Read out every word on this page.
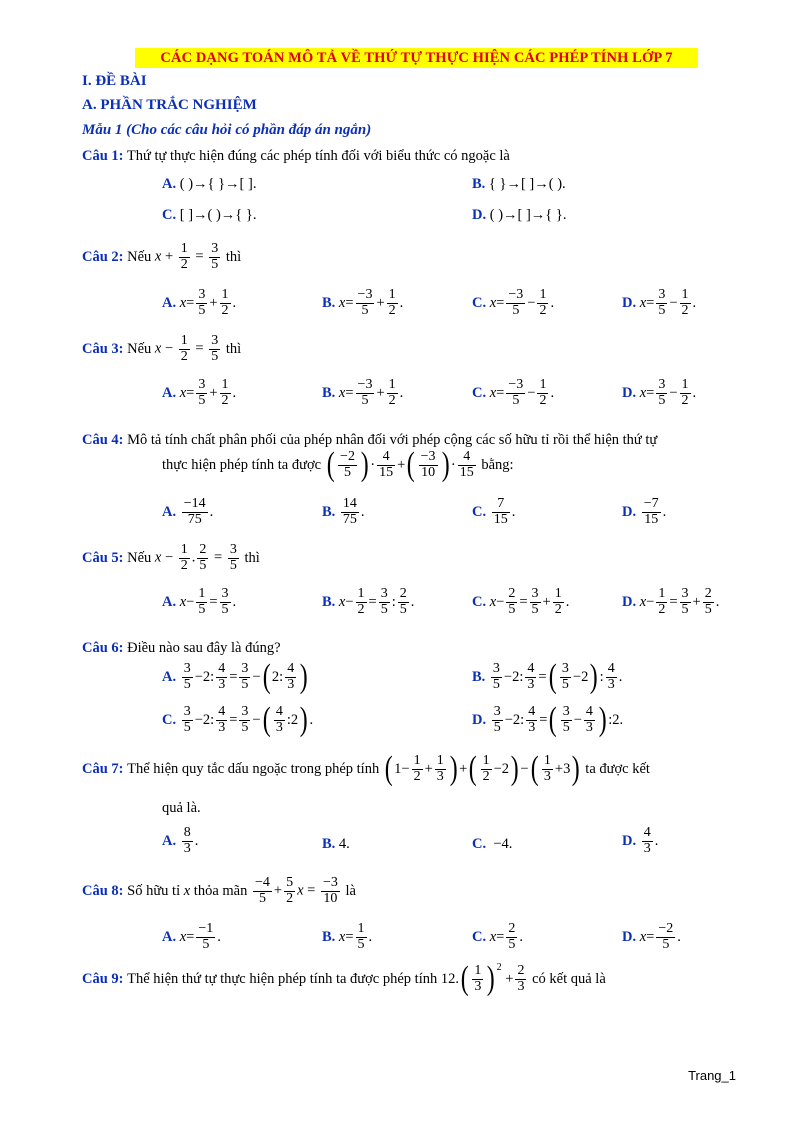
CÁC DẠNG TOÁN MÔ TẢ VỀ THỨ TỰ THỰC HIỆN CÁC PHÉP TÍNH LỚP 7
I. ĐỀ BÀI
A. PHẦN TRẮC NGHIỆM
Mẫu 1 (Cho các câu hỏi có phần đáp án ngắn)
Câu 1: Thứ tự thực hiện đúng các phép tính đối với biểu thức có ngoặc là
A. ( )→{ }→[ ].	B. { }→[ ]→( ).
C. [ ]→( )→{ }.	D. ( )→[ ]→{ }.
Câu 2:
Nếu
$x + \frac{1}{2} = \frac{3}{5}$
thì
A.
x =
3
5 +
1
2 .	B.
x =
−3
5 +
1
2 .	C.
x =
−3
5 −
1
2 .	D.
x =
3
5 −
1
2 .
Câu 3:
Nếu
$x - \frac{1}{2} = \frac{3}{5}$
thì
A.
x =
3
5 +
1
2 .	B.
x =
−3
5 +
1
2 .	C.
x =
−3
5 −
1
2 .	D.
x =
3
5 −
1
2 .
Câu 4: Mô tả tính chất phân phối của phép nhân đối với phép cộng các số hữu tỉ rồi thể hiện thứ tự
thực hiện phép tính ta được
( −2
5 ) ·
4
15 + ( −3
10 ) ·
4
15
bằng:
A.

−14
75 .	B.

14
75 .	C.

7
15 .	D.

−7
15 .
Câu 5:
Nếu
$x - \frac{1}{2}$ . $\frac{2}{5} = \frac{3}{5}$
thì
A.
x −
1
5 =
3
5 .	B.
x −
1
2 =
3
5 :
2
5 .	C.
x −
2
5 =
3
5 +
1
2 .	D.
x −
1
2 =
3
5 +
2
5 .
Câu 6: Điều nào sau đây là đúng?
A.

3
5 −2:
4
3 =
3
5 − ( 2:
4
3 )	B.

3
5 −2:
4
3 = ( 3
5 −2 ) :
4
3 .
C.

3
5 −2:
4
3 =
3
5 − ( 4
3 :2 ) .	D.

3
5 −2:
4
3 = ( 3
5 −
4
3 ) :2.
Câu 7:
Thể hiện quy tắc dấu ngoặc trong phép tính
( 1−
1
2 +
1
3 ) + ( 1
2 −2 ) − ( 1
3 +3 )
ta được kết
quả là.
A.

8
3 .	B.
4.	C.
−4.	D.

4
3 .
Câu 8:
Số hữu tỉ
x
thỏa mãn
$\frac{-4}{5} + \frac{5}{2}$ $x = \frac{-3}{10}$
là
A.
x =
−1
5 .	B.
x =
1
5 .	C.
x =
2
5 .	D.
x =
−2
5 .
Câu 9:
Thể hiện thứ tự thực hiện phép tính ta được phép tính
12. ( 1
3 )$^2$
+
2
3
có kết quả là
Trang_1
